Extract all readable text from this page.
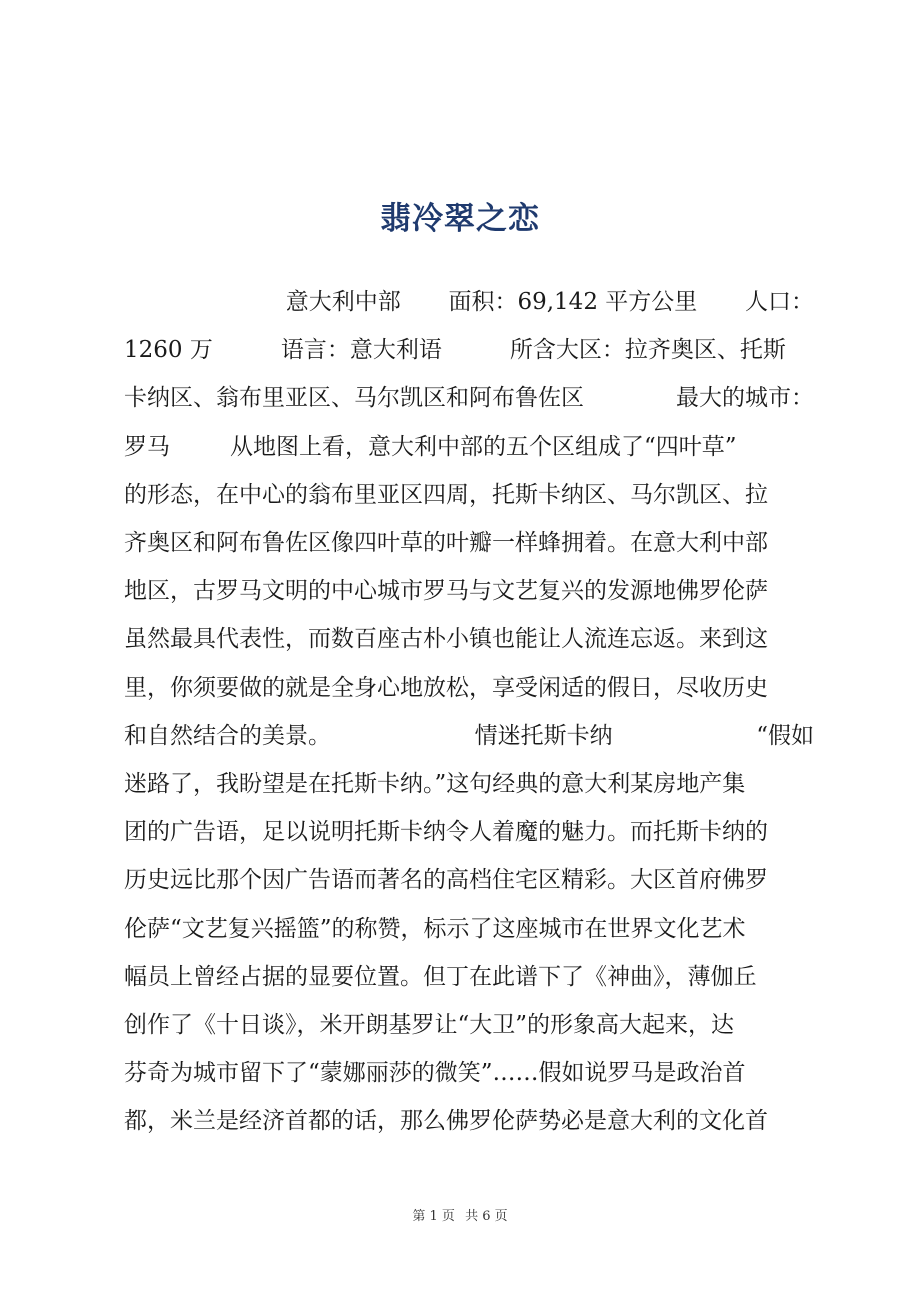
翡冷翠之恋
意大利中部 面积：69,142 平方公里 人口：
1260 万	语言：意大利语	所含大区：拉齐奥区、托斯
卡纳区、翁布里亚区、马尔凯区和阿布鲁佐区	最大的城市：
罗马	从地图上看，意大利中部的五个区组成了“四叶草”
的形态，在中心的翁布里亚区四周，托斯卡纳区、马尔凯区、拉
齐奥区和阿布鲁佐区像四叶草的叶瓣一样蜂拥着。在意大利中部
地区，古罗马文明的中心城市罗马与文艺复兴的发源地佛罗伦萨
虽然最具代表性，而数百座古朴小镇也能让人流连忘返。来到这
里，你须要做的就是全身心地放松，享受闲适的假日，尽收历史
和自然结合的美景。	情迷托斯卡纳	“假如
迷路了，我盼望是在托斯卡纳。”这句经典的意大利某房地产集
团的广告语，足以说明托斯卡纳令人着魔的魅力。而托斯卡纳的
历史远比那个因广告语而著名的高档住宅区精彩。大区首府佛罗
伦萨“文艺复兴摇篮”的称赞，标示了这座城市在世界文化艺术
幅员上曾经占据的显要位置。但丁在此谱下了《神曲》，薄伽丘
创作了《十日谈》，米开朗基罗让“大卫”的形象高大起来，达
芬奇为城市留下了“蒙娜丽莎的微笑”……假如说罗马是政治首
都，米兰是经济首都的话，那么佛罗伦萨势必是意大利的文化首
第 1 页 共 6 页
